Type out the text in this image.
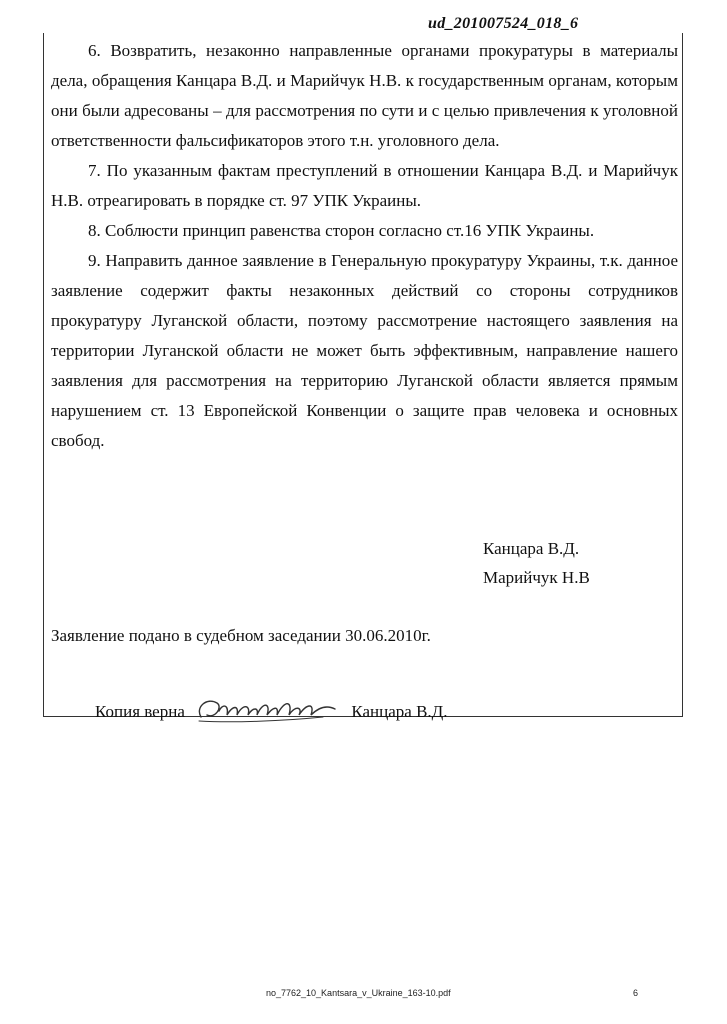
ud_201007524_018_6

6. Возвратить, незаконно направленные органами прокуратуры в материалы дела, обращения Канцара В.Д. и Марийчук Н.В. к государственным органам, которым они были адресованы – для рассмотрения по сути и с целью привлечения к уголовной ответственности фальсификаторов этого т.н. уголовного дела.

7. По указанным фактам преступлений в отношении Канцара В.Д. и Марийчук Н.В. отреагировать в порядке ст. 97 УПК Украины.

8. Соблюсти принцип равенства сторон согласно ст.16 УПК Украины.

9. Направить данное заявление в Генеральную прокуратуру Украины, т.к. данное заявление содержит факты незаконных действий со стороны сотрудников прокуратуру Луганской области, поэтому рассмотрение настоящего заявления на территории Луганской области не может быть эффективным, направление нашего заявления для рассмотрения на территорию Луганской области является прямым нарушением ст. 13 Европейской Конвенции о защите прав человека и основных свобод.

Канцара В.Д.
Марийчук Н.В
Заявление подано в судебном заседании 30.06.2010г.
Копия верна	Канцара В.Д.
no_7762_10_Kantsara_v_Ukraine_163-10.pdf	6
